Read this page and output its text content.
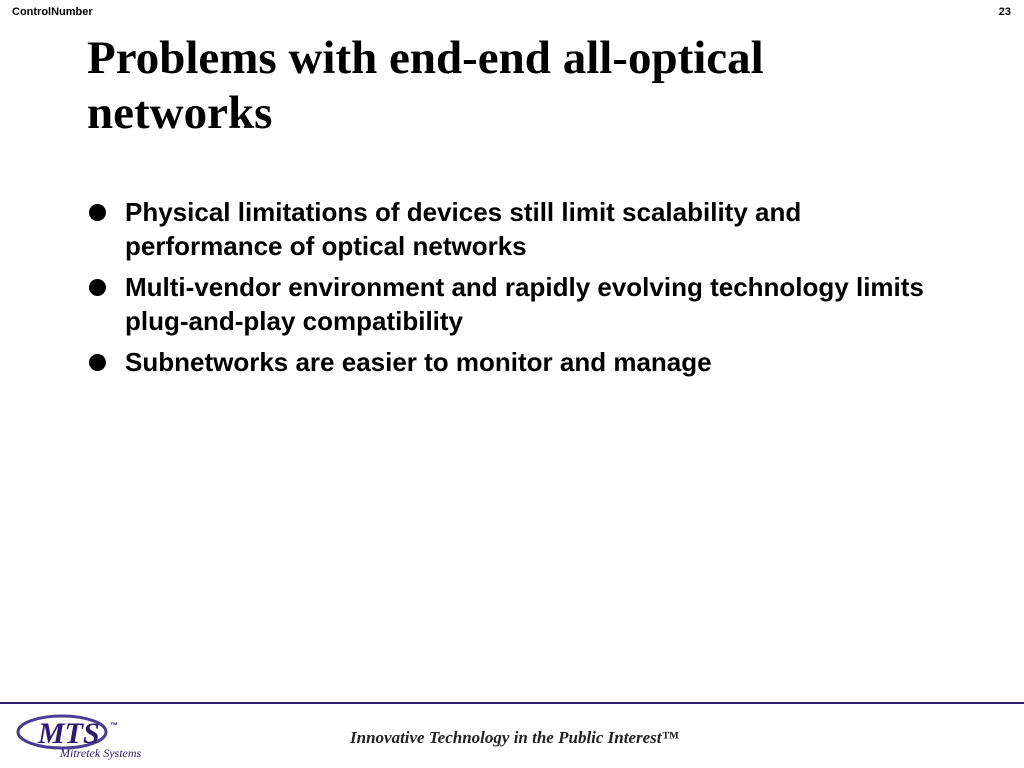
ControlNumber	23
Problems with end-end all-optical networks
Physical limitations of devices still limit scalability and performance of optical networks
Multi-vendor environment and rapidly evolving technology limits plug-and-play compatibility
Subnetworks are easier to monitor and manage
MTS ™
Mitretek Systems
Innovative Technology in the Public Interest™
